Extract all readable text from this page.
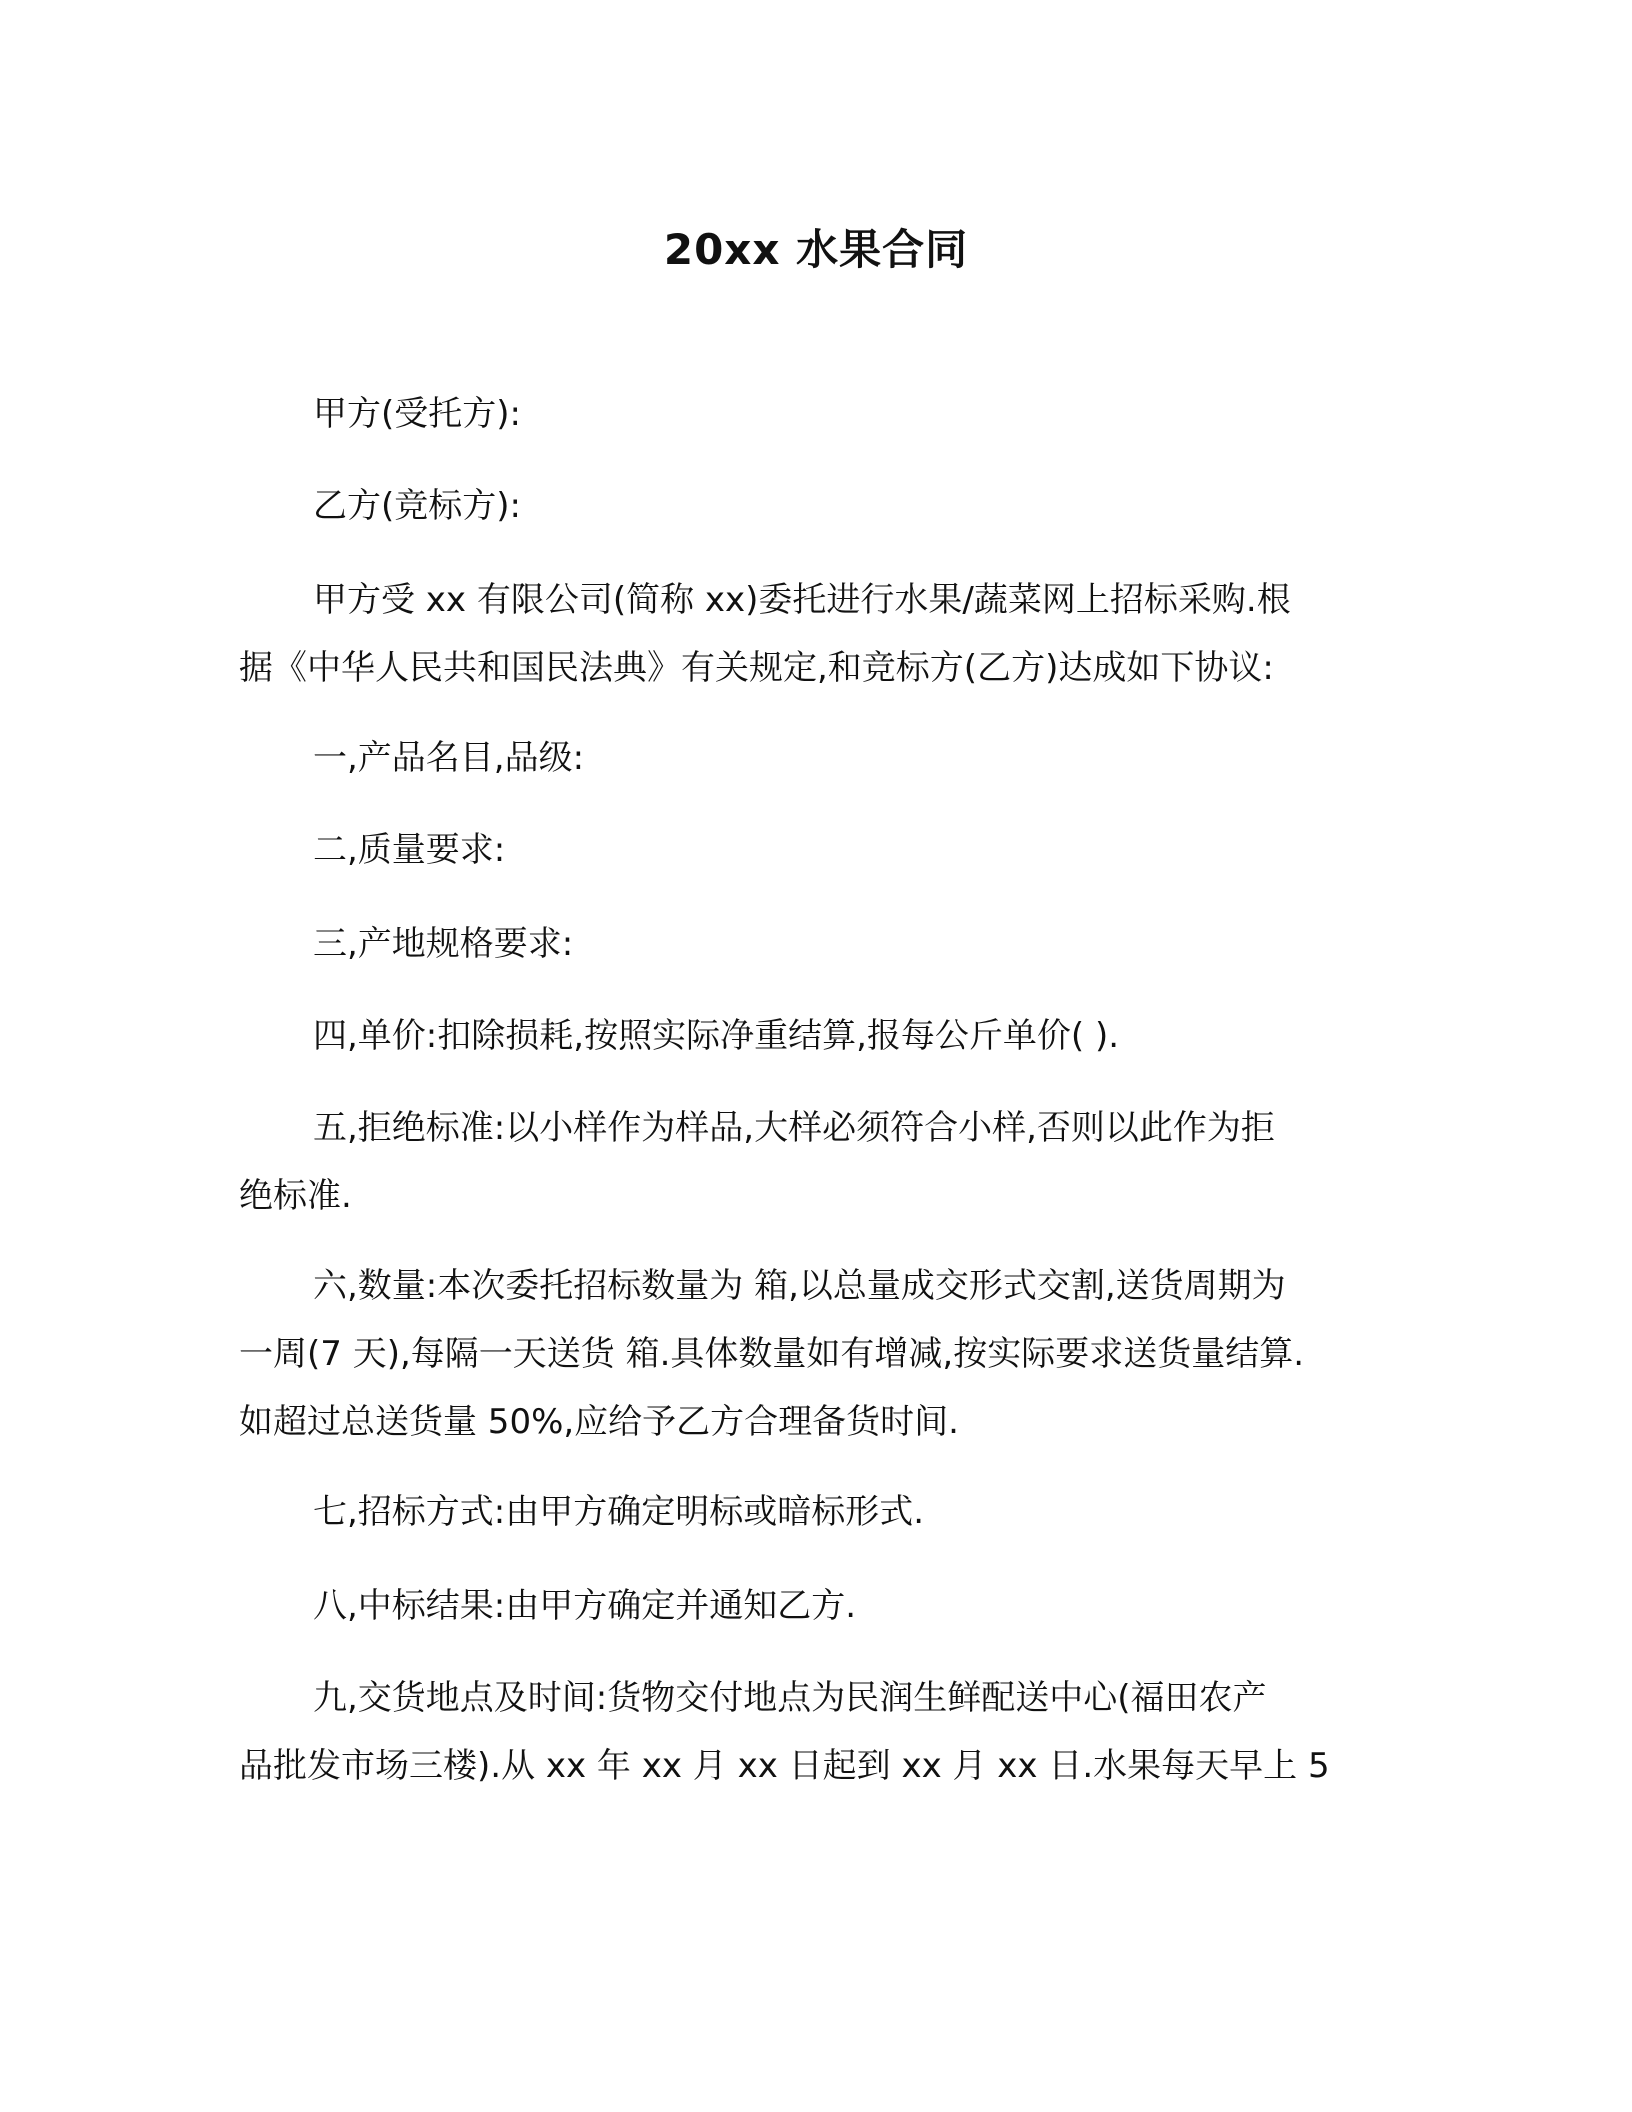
20xx 水果合同

甲方(受托方):

乙方(竞标方):

甲方受 xx 有限公司(简称 xx)委托进行水果/蔬菜网上招标采购.根
据《中华人民共和国民法典》有关规定,和竞标方(乙方)达成如下协议:

一,产品名目,品级:

二,质量要求:

三,产地规格要求:

四,单价:扣除损耗,按照实际净重结算,报每公斤单价( ).

五,拒绝标准:以小样作为样品,大样必须符合小样,否则以此作为拒
绝标准.

六,数量:本次委托招标数量为 箱,以总量成交形式交割,送货周期为
一周(7 天),每隔一天送货 箱.具体数量如有增减,按实际要求送货量结算.
如超过总送货量 50%,应给予乙方合理备货时间.

七,招标方式:由甲方确定明标或暗标形式.

八,中标结果:由甲方确定并通知乙方.

九,交货地点及时间:货物交付地点为民润生鲜配送中心(福田农产
品批发市场三楼).从 xx 年 xx 月 xx 日起到 xx 月 xx 日.水果每天早上 5
